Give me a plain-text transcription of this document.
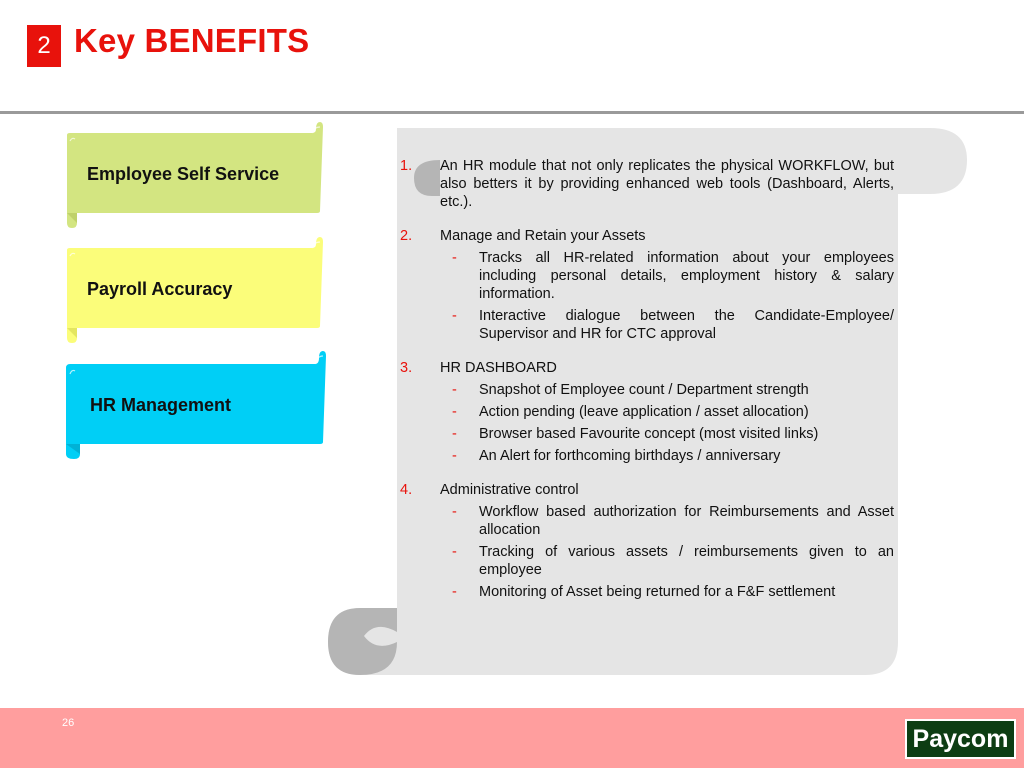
2 Key BENEFITS
Employee Self Service
Payroll Accuracy
HR Management
1.	An HR module that not only replicates the physical WORKFLOW, but also betters it by providing enhanced web tools (Dashboard, Alerts, etc.).
2.	Manage and Retain your Assets
-	Tracks all HR-related information about your employees including personal details, employment history & salary information.
-	Interactive dialogue between the Candidate-Employee/ Supervisor and HR for CTC approval
3.	HR DASHBOARD
-	Snapshot of Employee count / Department strength
-	Action pending (leave application / asset allocation)
-	Browser based Favourite concept (most visited links)
-	An Alert for forthcoming birthdays / anniversary
4.	Administrative control
-	Workflow based authorization for Reimbursements and Asset allocation
-	Tracking of various assets / reimbursements given to an employee
-	Monitoring of Asset being returned for a F&F settlement
26
Paycom
